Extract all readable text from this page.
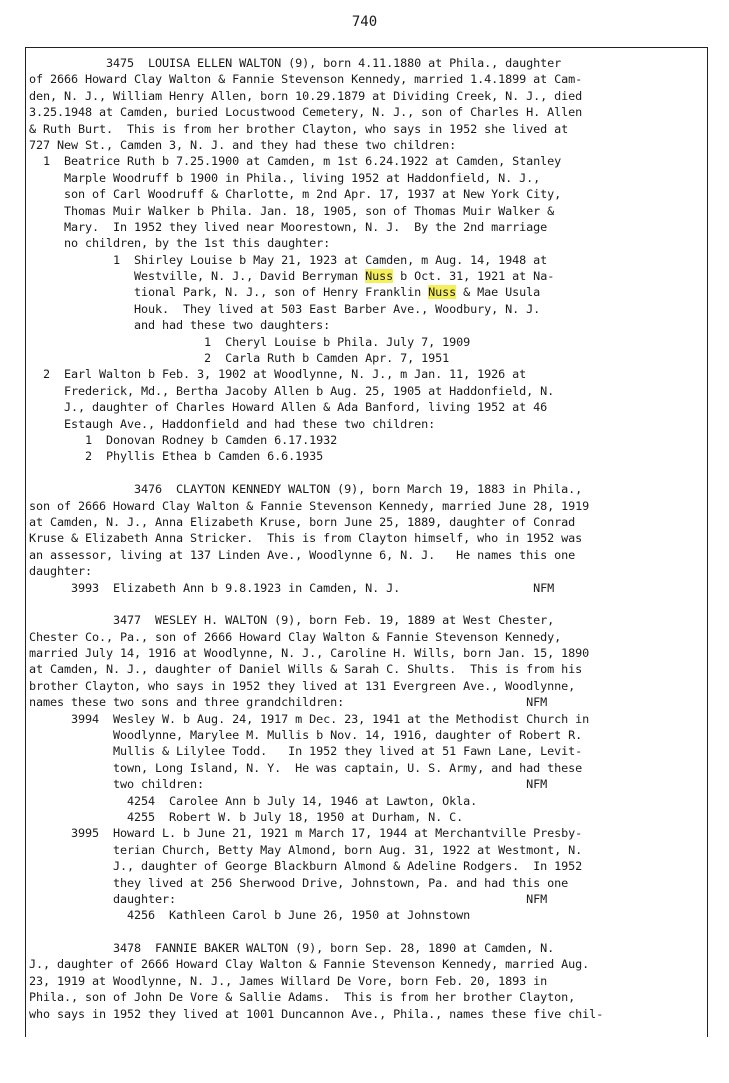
740
3475  LOUISA ELLEN WALTON (9), born 4.11.1880 at Phila., daughter
of 2666 Howard Clay Walton & Fannie Stevenson Kennedy, married 1.4.1899 at Cam-
den, N. J., William Henry Allen, born 10.29.1879 at Dividing Creek, N. J., died
3.25.1948 at Camden, buried Locustwood Cemetery, N. J., son of Charles H. Allen
& Ruth Burt.  This is from her brother Clayton, who says in 1952 she lived at
727 New St., Camden 3, N. J. and they had these two children:
1  Beatrice Ruth b 7.25.1900 at Camden, m 1st 6.24.1922 at Camden, Stanley
Marple Woodruff b 1900 in Phila., living 1952 at Haddonfield, N. J.,
son of Carl Woodruff & Charlotte, m 2nd Apr. 17, 1937 at New York City,
Thomas Muir Walker b Phila. Jan. 18, 1905, son of Thomas Muir Walker &
Mary.  In 1952 they lived near Moorestown, N. J.  By the 2nd marriage
no children, by the 1st this daughter:
1  Shirley Louise b May 21, 1923 at Camden, m Aug. 14, 1948 at
Westville, N. J., David Berryman Nuss b Oct. 31, 1921 at Na-
tional Park, N. J., son of Henry Franklin Nuss & Mae Usula
Houk.  They lived at 503 East Barber Ave., Woodbury, N. J.
and had these two daughters:
1  Cheryl Louise b Phila. July 7, 1909
2  Carla Ruth b Camden Apr. 7, 1951
2  Earl Walton b Feb. 3, 1902 at Woodlynne, N. J., m Jan. 11, 1926 at
Frederick, Md., Bertha Jacoby Allen b Aug. 25, 1905 at Haddonfield, N.
J., daughter of Charles Howard Allen & Ada Banford, living 1952 at 46
Estaugh Ave., Haddonfield and had these two children:
1  Donovan Rodney b Camden 6.17.1932
2  Phyllis Ethea b Camden 6.6.1935
3476  CLAYTON KENNEDY WALTON (9), born March 19, 1883 in Phila.,
son of 2666 Howard Clay Walton & Fannie Stevenson Kennedy, married June 28, 1919
at Camden, N. J., Anna Elizabeth Kruse, born June 25, 1889, daughter of Conrad
Kruse & Elizabeth Anna Stricker.  This is from Clayton himself, who in 1952 was
an assessor, living at 137 Linden Ave., Woodlynne 6, N. J.   He names this one
daughter:
3993  Elizabeth Ann b 9.8.1923 in Camden, N. J.                   NFM
3477  WESLEY H. WALTON (9), born Feb. 19, 1889 at West Chester,
Chester Co., Pa., son of 2666 Howard Clay Walton & Fannie Stevenson Kennedy,
married July 14, 1916 at Woodlynne, N. J., Caroline H. Wills, born Jan. 15, 1890
at Camden, N. J., daughter of Daniel Wills & Sarah C. Shults.  This is from his
brother Clayton, who says in 1952 they lived at 131 Evergreen Ave., Woodlynne,
names these two sons and three grandchildren:                          NFM
3994  Wesley W. b Aug. 24, 1917 m Dec. 23, 1941 at the Methodist Church in
Woodlynne, Marylee M. Mullis b Nov. 14, 1916, daughter of Robert R.
Mullis & Lilylee Todd.   In 1952 they lived at 51 Fawn Lane, Levit-
town, Long Island, N. Y.  He was captain, U. S. Army, and had these
two children:                                              NFM
4254  Carolee Ann b July 14, 1946 at Lawton, Okla.
4255  Robert W. b July 18, 1950 at Durham, N. C.
3995  Howard L. b June 21, 1921 m March 17, 1944 at Merchantville Presby-
terian Church, Betty May Almond, born Aug. 31, 1922 at Westmont, N.
J., daughter of George Blackburn Almond & Adeline Rodgers.  In 1952
they lived at 256 Sherwood Drive, Johnstown, Pa. and had this one
daughter:                                                  NFM
4256  Kathleen Carol b June 26, 1950 at Johnstown
3478  FANNIE BAKER WALTON (9), born Sep. 28, 1890 at Camden, N.
J., daughter of 2666 Howard Clay Walton & Fannie Stevenson Kennedy, married Aug.
23, 1919 at Woodlynne, N. J., James Willard De Vore, born Feb. 20, 1893 in
Phila., son of John De Vore & Sallie Adams.  This is from her brother Clayton,
who says in 1952 they lived at 1001 Duncannon Ave., Phila., names these five chil-
